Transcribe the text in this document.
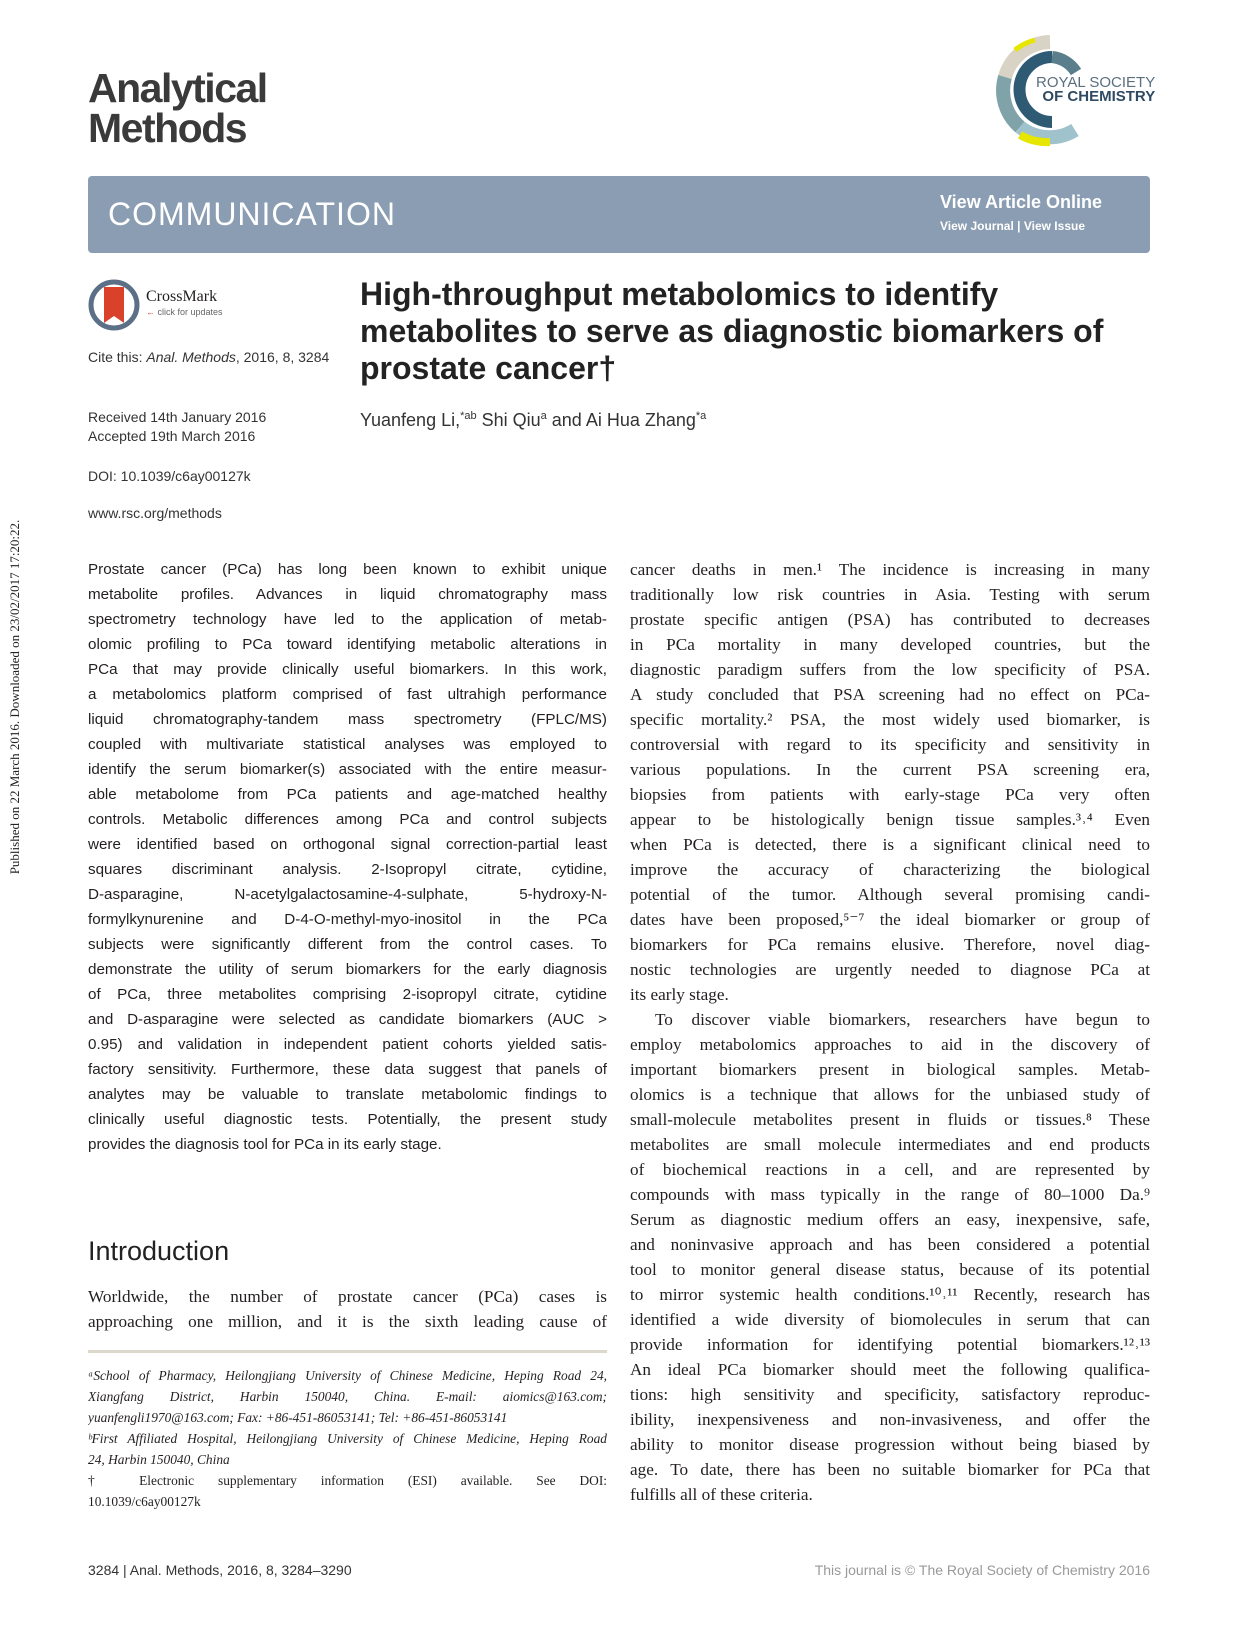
Analytical
Methods
ROYAL SOCIETY
OF CHEMISTRY
COMMUNICATION	View Article Online
View Journal | View Issue
CrossMark
← click for updates
Cite this: Anal. Methods, 2016, 8, 3284
Received 14th January 2016
Accepted 19th March 2016
DOI: 10.1039/c6ay00127k
www.rsc.org/methods
High-throughput metabolomics to identify
metabolites to serve as diagnostic biomarkers of
prostate cancer†
Yuanfeng Li,$^{*ab}$ Shi Qiu$^a$ and Ai Hua Zhang$^{*a}$
Prostate cancer (PCa) has long been known to exhibit unique
metabolite profiles. Advances in liquid chromatography mass
spectrometry technology have led to the application of metab-
olomic profiling to PCa toward identifying metabolic alterations in
PCa that may provide clinically useful biomarkers. In this work,
a metabolomics platform comprised of fast ultrahigh performance
liquid chromatography-tandem mass spectrometry (FPLC/MS)
coupled with multivariate statistical analyses was employed to
identify the serum biomarker(s) associated with the entire measur-
able metabolome from PCa patients and age-matched healthy
controls. Metabolic differences among PCa and control subjects
were identified based on orthogonal signal correction-partial least
squares discriminant analysis. 2-Isopropyl citrate, cytidine,
D-asparagine, N-acetylgalactosamine-4-sulphate, 5-hydroxy-N-
formylkynurenine and D-4-O-methyl-myo-inositol in the PCa
subjects were significantly different from the control cases. To
demonstrate the utility of serum biomarkers for the early diagnosis
of PCa, three metabolites comprising 2-isopropyl citrate, cytidine
and D-asparagine were selected as candidate biomarkers (AUC >
0.95) and validation in independent patient cohorts yielded satis-
factory sensitivity. Furthermore, these data suggest that panels of
analytes may be valuable to translate metabolomic findings to
clinically useful diagnostic tests. Potentially, the present study
provides the diagnosis tool for PCa in its early stage.
Introduction
Worldwide, the number of prostate cancer (PCa) cases is
approaching one million, and it is the sixth leading cause of
ᵃSchool of Pharmacy, Heilongjiang University of Chinese Medicine, Heping Road 24,
Xiangfang District, Harbin 150040, China. E-mail: aiomics@163.com;
yuanfengli1970@163.com; Fax: +86-451-86053141; Tel: +86-451-86053141
ᵇFirst Affiliated Hospital, Heilongjiang University of Chinese Medicine, Heping Road
24, Harbin 150040, China
† Electronic supplementary information (ESI) available. See DOI:
10.1039/c6ay00127k
cancer deaths in men.¹ The incidence is increasing in many
traditionally low risk countries in Asia. Testing with serum
prostate specific antigen (PSA) has contributed to decreases
in PCa mortality in many developed countries, but the
diagnostic paradigm suffers from the low specificity of PSA.
A study concluded that PSA screening had no effect on PCa-
specific mortality.² PSA, the most widely used biomarker, is
controversial with regard to its specificity and sensitivity in
various populations. In the current PSA screening era,
biopsies from patients with early-stage PCa very often
appear to be histologically benign tissue samples.³˒⁴ Even
when PCa is detected, there is a significant clinical need to
improve the accuracy of characterizing the biological
potential of the tumor. Although several promising candi-
dates have been proposed,⁵⁻⁷ the ideal biomarker or group of
biomarkers for PCa remains elusive. Therefore, novel diag-
nostic technologies are urgently needed to diagnose PCa at
its early stage.
To discover viable biomarkers, researchers have begun to
employ metabolomics approaches to aid in the discovery of
important biomarkers present in biological samples. Metab-
olomics is a technique that allows for the unbiased study of
small-molecule metabolites present in fluids or tissues.⁸ These
metabolites are small molecule intermediates and end products
of biochemical reactions in a cell, and are represented by
compounds with mass typically in the range of 80–1000 Da.⁹
Serum as diagnostic medium offers an easy, inexpensive, safe,
and noninvasive approach and has been considered a potential
tool to monitor general disease status, because of its potential
to mirror systemic health conditions.¹⁰˒¹¹ Recently, research has
identified a wide diversity of biomolecules in serum that can
provide information for identifying potential biomarkers.¹²˒¹³
An ideal PCa biomarker should meet the following qualifica-
tions: high sensitivity and specificity, satisfactory reproduc-
ibility, inexpensiveness and non-invasiveness, and offer the
ability to monitor disease progression without being biased by
age. To date, there has been no suitable biomarker for PCa that
fulfills all of these criteria.
3284 | Anal. Methods, 2016, 8, 3284–3290	This journal is © The Royal Society of Chemistry 2016
Published on 22 March 2016. Downloaded on 23/02/2017 17:20:22.
